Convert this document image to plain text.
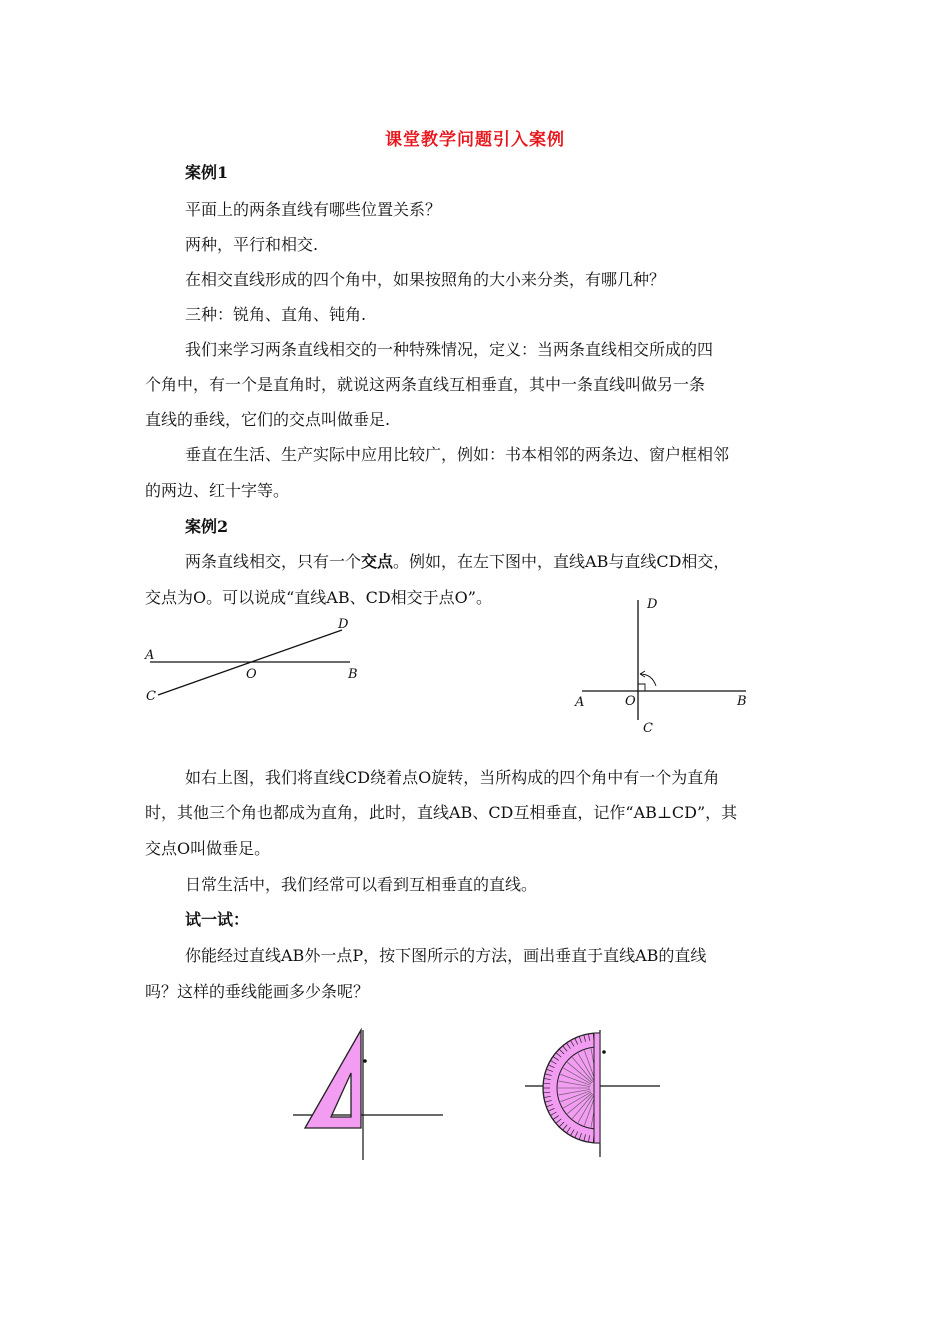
课堂教学问题引入案例
案例1
平面上的两条直线有哪些位置关系？
两种，平行和相交.
在相交直线形成的四个角中，如果按照角的大小来分类，有哪几种？
三种：锐角、直角、钝角.
我们来学习两条直线相交的一种特殊情况，定义：当两条直线相交所成的四
个角中，有一个是直角时，就说这两条直线互相垂直，其中一条直线叫做另一条
直线的垂线，它们的交点叫做垂足.
垂直在生活、生产实际中应用比较广，例如：书本相邻的两条边、窗户框相邻
的两边、红十字等。
案例2
两条直线相交，只有一个交点。例如，在左下图中，直线AB与直线CD相交，
交点为O。可以说成“直线AB、CD相交于点O”。
A
B
C
D
O
D
A	B
O
C
如右上图，我们将直线CD绕着点O旋转，当所构成的四个角中有一个为直角
时，其他三个角也都成为直角，此时，直线AB、CD互相垂直，记作“AB⊥CD”，其
交点O叫做垂足。
日常生活中，我们经常可以看到互相垂直的直线。
试一试：
你能经过直线AB外一点P，按下图所示的方法，画出垂直于直线AB的直线
吗？这样的垂线能画多少条呢？
